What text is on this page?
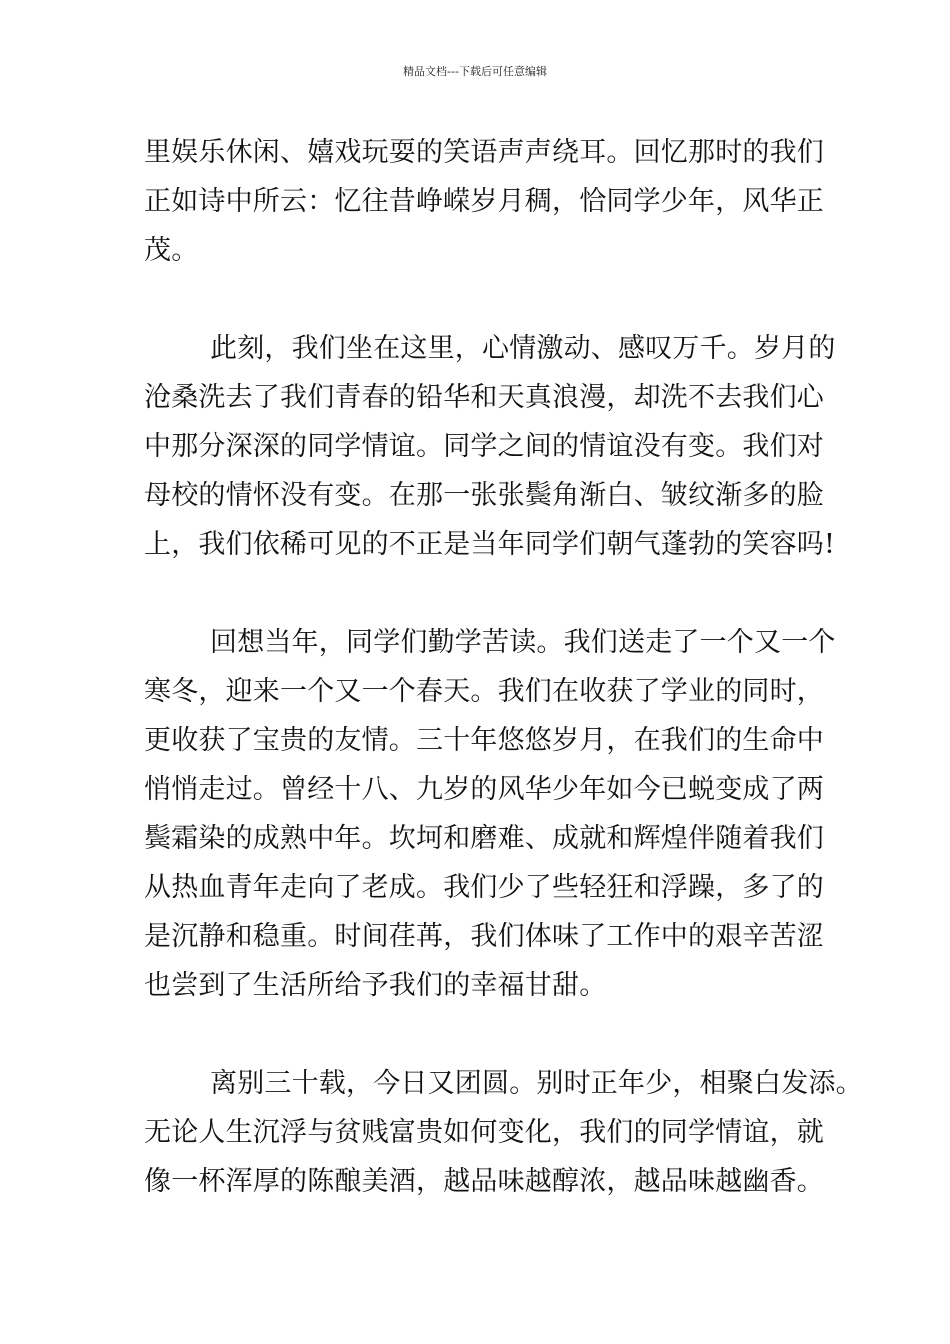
精品文档---下载后可任意编辑
里娱乐休闲、嬉戏玩耍的笑语声声绕耳。回忆那时的我们
正如诗中所云：忆往昔峥嵘岁月稠，恰同学少年，风华正
茂。
此刻，我们坐在这里，心情激动、感叹万千。岁月的
沧桑洗去了我们青春的铅华和天真浪漫，却洗不去我们心
中那分深深的同学情谊。同学之间的情谊没有变。我们对
母校的情怀没有变。在那一张张鬓角渐白、皱纹渐多的脸
上，我们依稀可见的不正是当年同学们朝气蓬勃的笑容吗!
回想当年，同学们勤学苦读。我们送走了一个又一个
寒冬，迎来一个又一个春天。我们在收获了学业的同时，
更收获了宝贵的友情。三十年悠悠岁月，在我们的生命中
悄悄走过。曾经十八、九岁的风华少年如今已蜕变成了两
鬓霜染的成熟中年。坎坷和磨难、成就和辉煌伴随着我们
从热血青年走向了老成。我们少了些轻狂和浮躁，多了的
是沉静和稳重。时间荏苒，我们体味了工作中的艰辛苦涩
也尝到了生活所给予我们的幸福甘甜。
离别三十载，今日又团圆。别时正年少，相聚白发添。
无论人生沉浮与贫贱富贵如何变化，我们的同学情谊，就
像一杯浑厚的陈酿美酒，越品味越醇浓，越品味越幽香。
